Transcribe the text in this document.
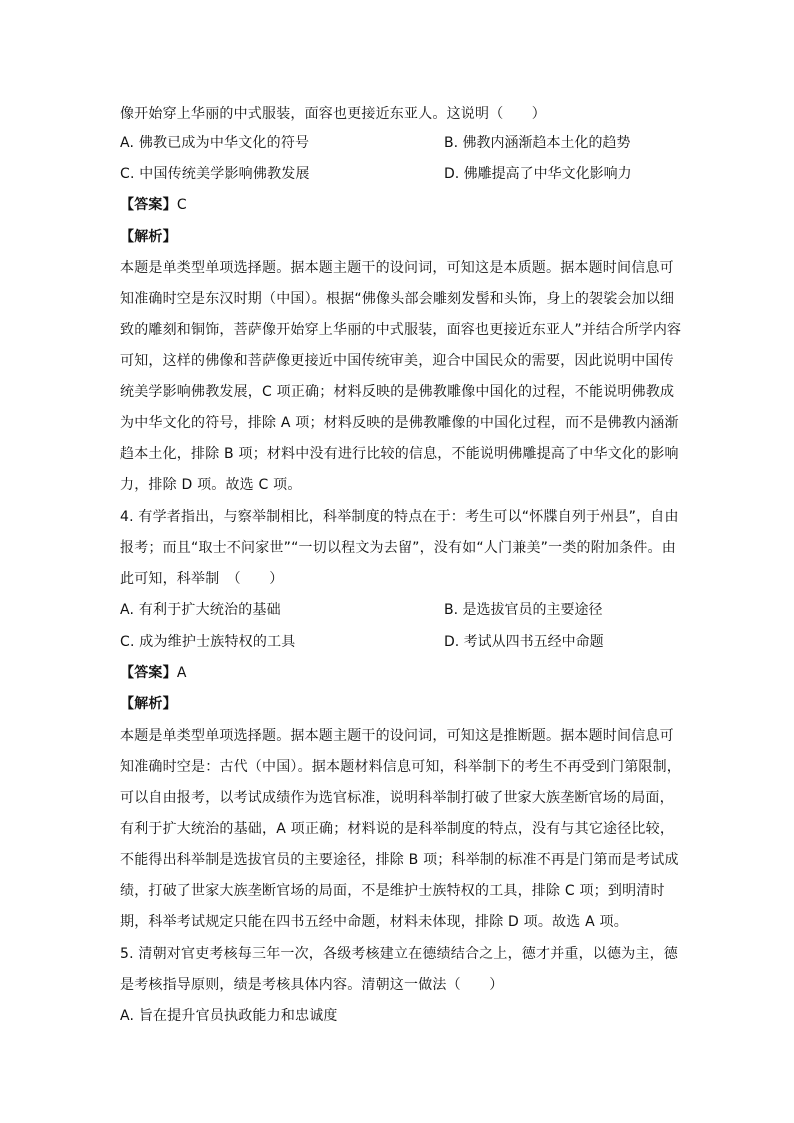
像开始穿上华丽的中式服装，面容也更接近东亚人。这说明（　　）
A. 佛教已成为中华文化的符号	B. 佛教内涵渐趋本土化的趋势
C. 中国传统美学影响佛教发展	D. 佛雕提高了中华文化影响力
【答案】C
【解析】
本题是单类型单项选择题。据本题主题干的设问词，可知这是本质题。据本题时间信息可
知准确时空是东汉时期（中国）。根据“佛像头部会雕刻发髻和头饰，身上的袈裟会加以细
致的雕刻和铜饰，菩萨像开始穿上华丽的中式服装，面容也更接近东亚人”并结合所学内容
可知，这样的佛像和菩萨像更接近中国传统审美，迎合中国民众的需要，因此说明中国传
统美学影响佛教发展，C 项正确；材料反映的是佛教雕像中国化的过程，不能说明佛教成
为中华文化的符号，排除 A 项；材料反映的是佛教雕像的中国化过程，而不是佛教内涵渐
趋本土化，排除 B 项；材料中没有进行比较的信息，不能说明佛雕提高了中华文化的影响
力，排除 D 项。故选 C 项。
4. 有学者指出，与察举制相比，科举制度的特点在于：考生可以“怀牒自列于州县”，自由
报考；而且“取士不问家世”“一切以程文为去留”，没有如“人门兼美”一类的附加条件。由
此可知，科举制　（　　）
A. 有利于扩大统治的基础	B. 是选拔官员的主要途径
C. 成为维护士族特权的工具	D. 考试从四书五经中命题
【答案】A
【解析】
本题是单类型单项选择题。据本题主题干的设问词，可知这是推断题。据本题时间信息可
知准确时空是：古代（中国）。据本题材料信息可知，科举制下的考生不再受到门第限制，
可以自由报考，以考试成绩作为选官标准，说明科举制打破了世家大族垄断官场的局面，
有利于扩大统治的基础，A 项正确；材料说的是科举制度的特点，没有与其它途径比较，
不能得出科举制是选拔官员的主要途径，排除 B 项；科举制的标准不再是门第而是考试成
绩，打破了世家大族垄断官场的局面，不是维护士族特权的工具，排除 C 项；到明清时
期，科举考试规定只能在四书五经中命题，材料未体现，排除 D 项。故选 A 项。
5. 清朝对官吏考核每三年一次，各级考核建立在德绩结合之上，德才并重，以德为主，德
是考核指导原则，绩是考核具体内容。清朝这一做法（　　）
A. 旨在提升官员执政能力和忠诚度
